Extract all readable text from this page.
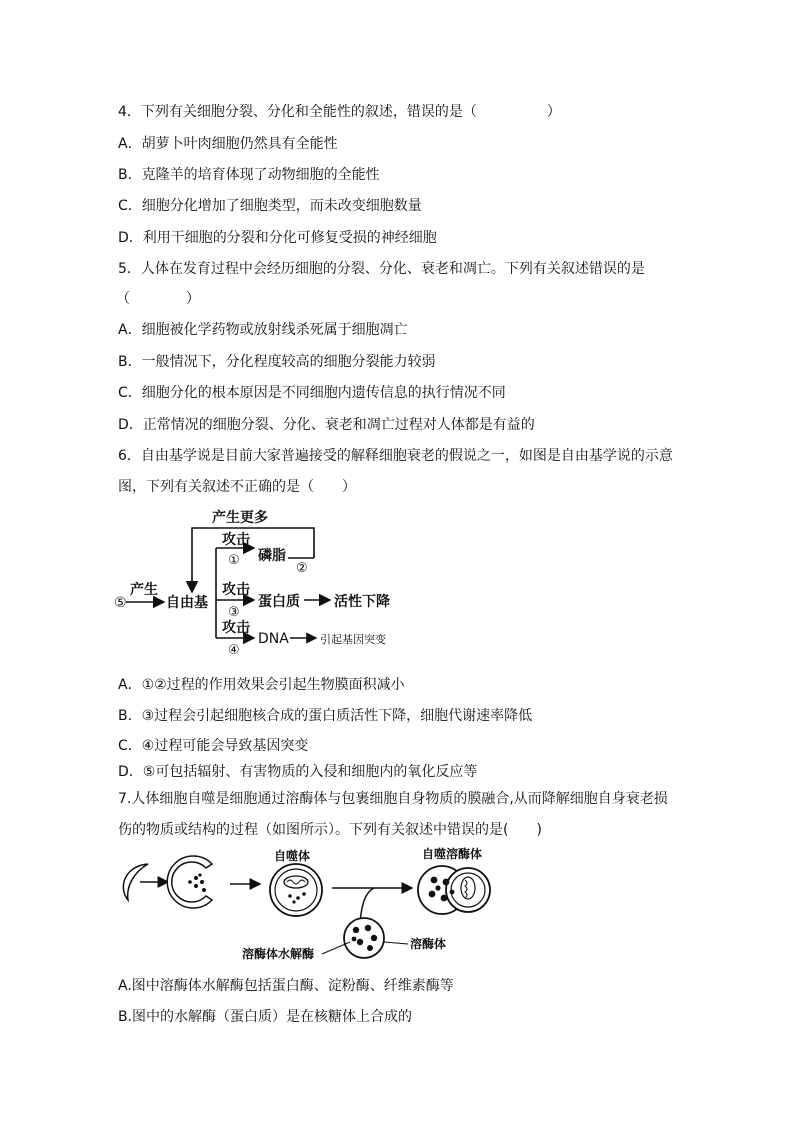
4．下列有关细胞分裂、分化和全能性的叙述，错误的是（　　　　　）
A．胡萝卜叶肉细胞仍然具有全能性
B．克隆羊的培育体现了动物细胞的全能性
C．细胞分化增加了细胞类型，而未改变细胞数量
D．利用干细胞的分裂和分化可修复受损的神经细胞
5．人体在发育过程中会经历细胞的分裂、分化、衰老和凋亡。下列有关叙述错误的是
（　　　　）
A．细胞被化学药物或放射线杀死属于细胞凋亡
B．一般情况下，分化程度较高的细胞分裂能力较弱
C．细胞分化的根本原因是不同细胞内遗传信息的执行情况不同
D．正常情况的细胞分裂、分化、衰老和凋亡过程对人体都是有益的
6．自由基学说是目前大家普遍接受的解释细胞衰老的假说之一，如图是自由基学说的示意
图，下列有关叙述不正确的是（　　）
产生更多
⑤
产生
自由基
攻击
① 磷脂
②
攻击
③
蛋白质 活性下降
攻击
④
DNA	引起基因突变
A．①②过程的作用效果会引起生物膜面积减小
B．③过程会引起细胞核合成的蛋白质活性下降，细胞代谢速率降低
C．④过程可能会导致基因突变
D．⑤可包括辐射、有害物质的入侵和细胞内的氧化反应等
7.人体细胞自噬是细胞通过溶酶体与包裹细胞自身物质的膜融合,从而降解细胞自身衰老损
伤的物质或结构的过程（如图所示）。下列有关叙述中错误的是(　　)
自噬体
溶酶体水解酶
溶酶体
自噬溶酶体
A.图中溶酶体水解酶包括蛋白酶、淀粉酶、纤维素酶等
B.图中的水解酶（蛋白质）是在核糖体上合成的
